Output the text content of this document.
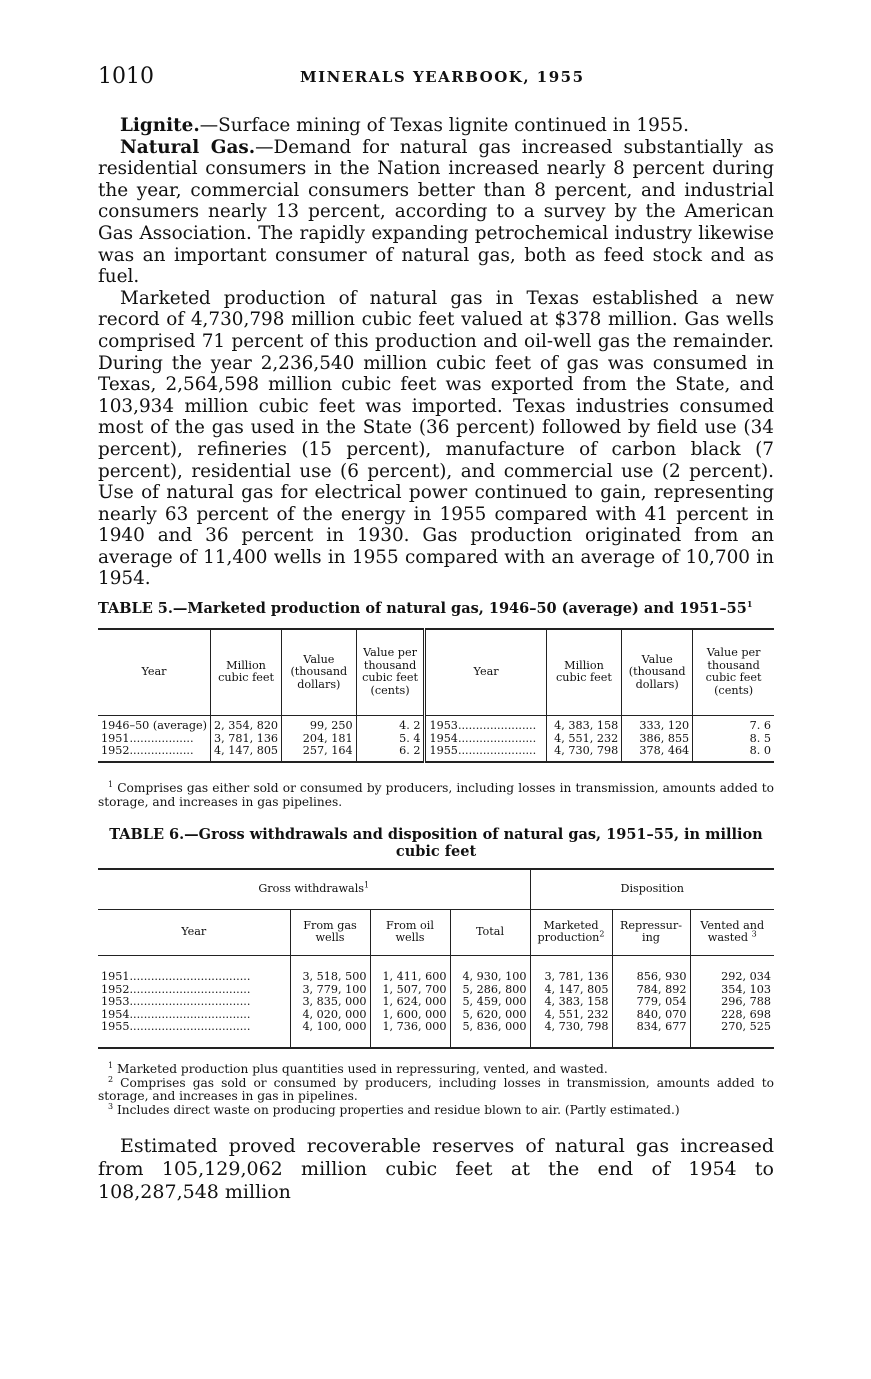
1010	MINERALS YEARBOOK, 1955

Lignite.—Surface mining of Texas lignite continued in 1955.

Natural Gas.—Demand for natural gas increased substantially as residential consumers in the Nation increased nearly 8 percent during the year, commercial consumers better than 8 percent, and industrial consumers nearly 13 percent, according to a survey by the American Gas Association. The rapidly expanding petrochemical industry likewise was an important consumer of natural gas, both as feed stock and as fuel.

Marketed production of natural gas in Texas established a new record of 4,730,798 million cubic feet valued at $378 million. Gas wells comprised 71 percent of this production and oil-well gas the remainder. During the year 2,236,540 million cubic feet of gas was consumed in Texas, 2,564,598 million cubic feet was exported from the State, and 103,934 million cubic feet was imported. Texas industries consumed most of the gas used in the State (36 percent) followed by field use (34 percent), refineries (15 percent), manufacture of carbon black (7 percent), residential use (6 percent), and commercial use (2 percent). Use of natural gas for electrical power continued to gain, representing nearly 63 percent of the energy in 1955 compared with 41 percent in 1940 and 36 percent in 1930. Gas production originated from an average of 11,400 wells in 1955 compared with an average of 10,700 in 1954.

TABLE 5.—Marketed production of natural gas, 1946–50 (average) and $1951-55^1$
Year	Million cubic feet	Value (thousand dollars)	Value per thousand cubic feet (cents)	Year	Million cubic feet	Value (thousand dollars)	Value per thousand cubic feet (cents)

1946–50 (average)	2, 354, 820	99, 250	4. 2	1953......................	4, 383, 158	333, 120	7. 6
1951..................	3, 781, 136	204, 181	5. 4	1954......................	4, 551, 232	386, 855	8. 5
1952..................	4, 147, 805	257, 164	6. 2	1955......................	4, 730, 798	378, 464	8. 0

$^1$ Comprises gas either sold or consumed by producers, including losses in transmission, amounts added to storage, and increases in gas pipelines.

TABLE 6.—Gross withdrawals and disposition of natural gas, 1951–55, in million
cubic feet
Gross withdrawals$^1$				Disposition		
Year	From gas wells	From oil wells	Total	Marketed production$^2$	Repressur- ing	Vented and wasted $^3$

1951..................................	3, 518, 500	1, 411, 600	4, 930, 100	3, 781, 136	856, 930	292, 034
1952..................................	3, 779, 100	1, 507, 700	5, 286, 800	4, 147, 805	784, 892	354, 103
1953..................................	3, 835, 000	1, 624, 000	5, 459, 000	4, 383, 158	779, 054	296, 788
1954..................................	4, 020, 000	1, 600, 000	5, 620, 000	4, 551, 232	840, 070	228, 698
1955..................................	4, 100, 000	1, 736, 000	5, 836, 000	4, 730, 798	834, 677	270, 525

$^1$ Marketed production plus quantities used in repressuring, vented, and wasted.

$^2$ Comprises gas sold or consumed by producers, including losses in transmission, amounts added to storage, and increases in gas in pipelines.

$^3$ Includes direct waste on producing properties and residue blown to air. (Partly estimated.)

Estimated proved recoverable reserves of natural gas increased from 105,129,062 million cubic feet at the end of 1954 to 108,287,548 million
